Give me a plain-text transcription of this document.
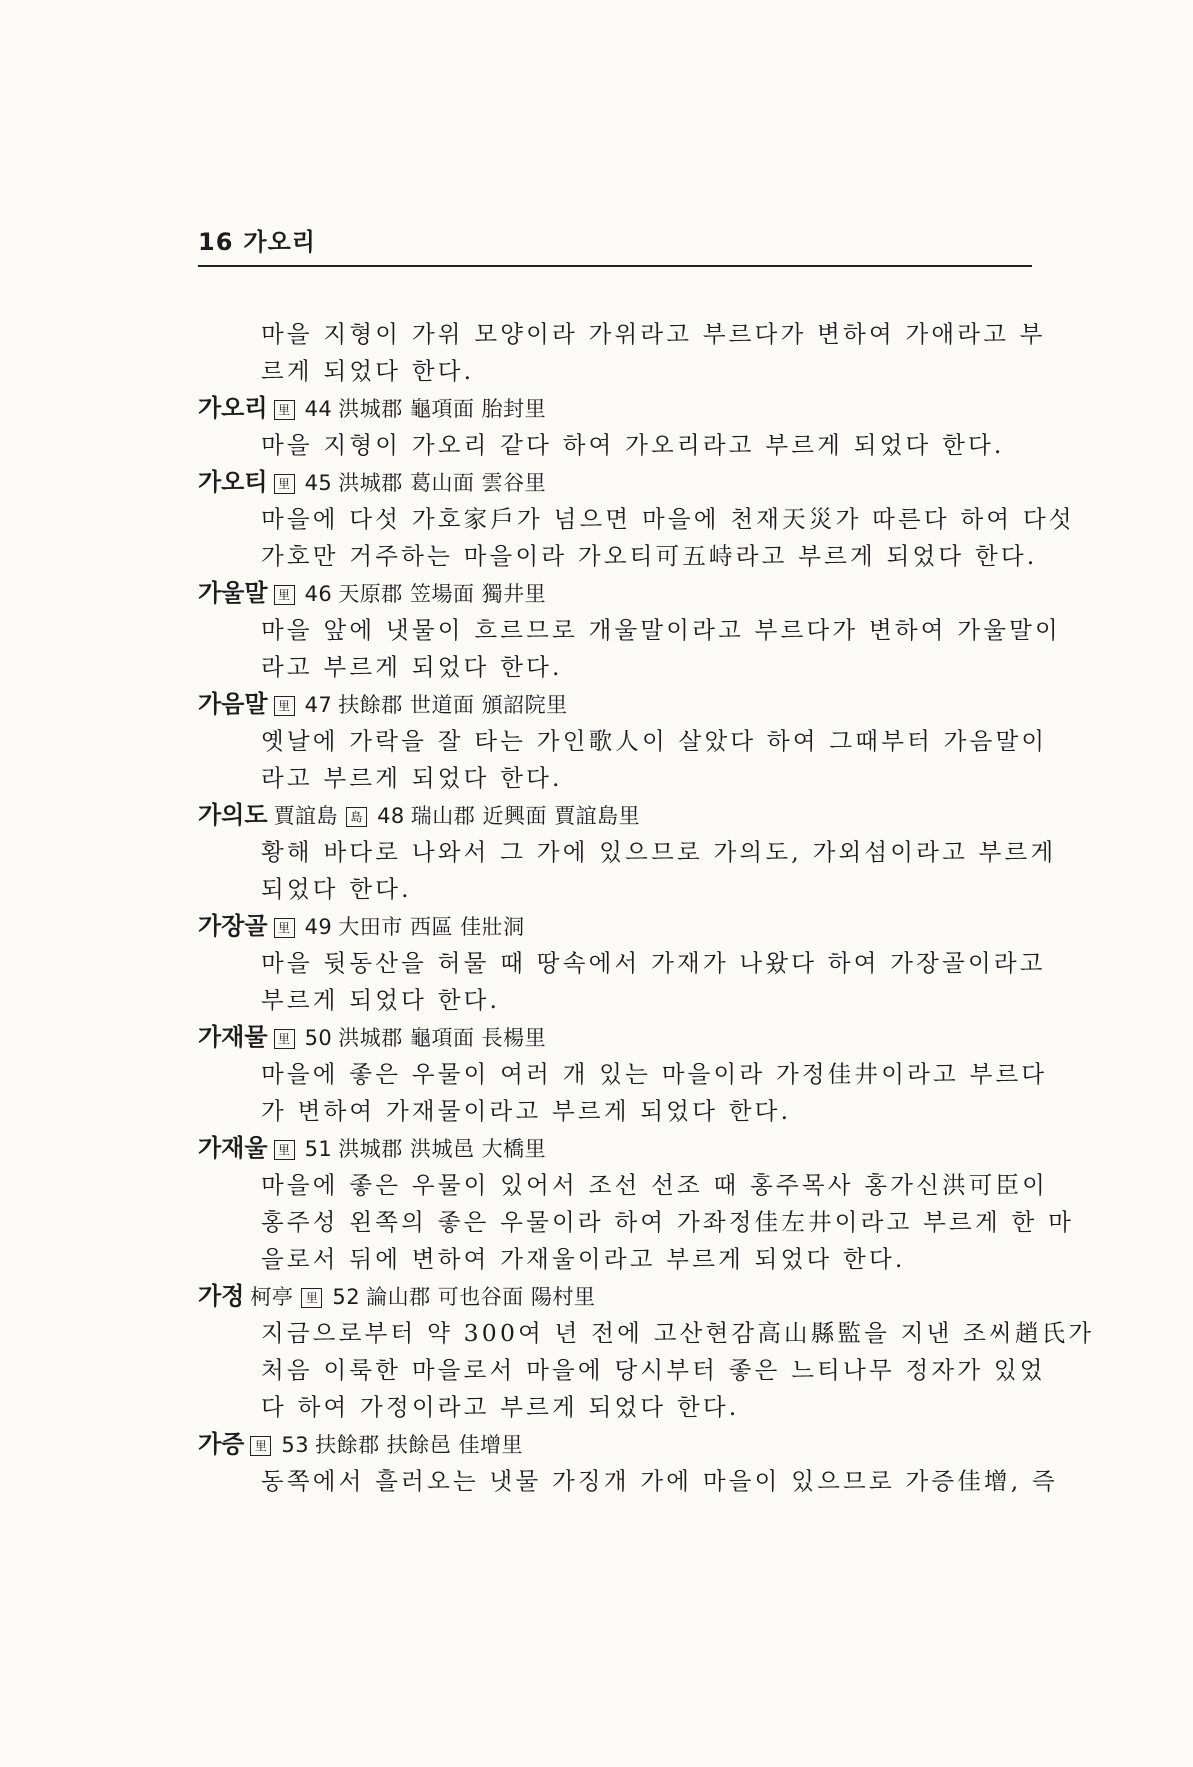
16 가오리
마을 지형이 가위 모양이라 가위라고 부르다가 변하여 가애라고 부
르게 되었다 한다.
가오리 里 44 洪城郡 龜項面 胎封里
마을 지형이 가오리 같다 하여 가오리라고 부르게 되었다 한다.
가오티 里 45 洪城郡 葛山面 雲谷里
마을에 다섯 가호家戶가 넘으면 마을에 천재天災가 따른다 하여 다섯
가호만 거주하는 마을이라 가오티可五峙라고 부르게 되었다 한다.
가울말 里 46 天原郡 笠場面 獨井里
마을 앞에 냇물이 흐르므로 개울말이라고 부르다가 변하여 가울말이
라고 부르게 되었다 한다.
가음말 里 47 扶餘郡 世道面 頒詔院里
옛날에 가락을 잘 타는 가인歌人이 살았다 하여 그때부터 가음말이
라고 부르게 되었다 한다.
가의도 賈誼島 島 48 瑞山郡 近興面 賈誼島里
황해 바다로 나와서 그 가에 있으므로 가의도, 가외섬이라고 부르게
되었다 한다.
가장골 里 49 大田市 西區 佳壯洞
마을 뒷동산을 허물 때 땅속에서 가재가 나왔다 하여 가장골이라고
부르게 되었다 한다.
가재물 里 50 洪城郡 龜項面 長楊里
마을에 좋은 우물이 여러 개 있는 마을이라 가정佳井이라고 부르다
가 변하여 가재물이라고 부르게 되었다 한다.
가재울 里 51 洪城郡 洪城邑 大橋里
마을에 좋은 우물이 있어서 조선 선조 때 홍주목사 홍가신洪可臣이
홍주성 왼쪽의 좋은 우물이라 하여 가좌정佳左井이라고 부르게 한 마
을로서 뒤에 변하여 가재울이라고 부르게 되었다 한다.
가정 柯亭 里 52 論山郡 可也谷面 陽村里
지금으로부터 약 300여 년 전에 고산현감高山縣監을 지낸 조씨趙氏가
처음 이룩한 마을로서 마을에 당시부터 좋은 느티나무 정자가 있었
다 하여 가정이라고 부르게 되었다 한다.
가증 里 53 扶餘郡 扶餘邑 佳增里
동쪽에서 흘러오는 냇물 가징개 가에 마을이 있으므로 가증佳增, 즉
